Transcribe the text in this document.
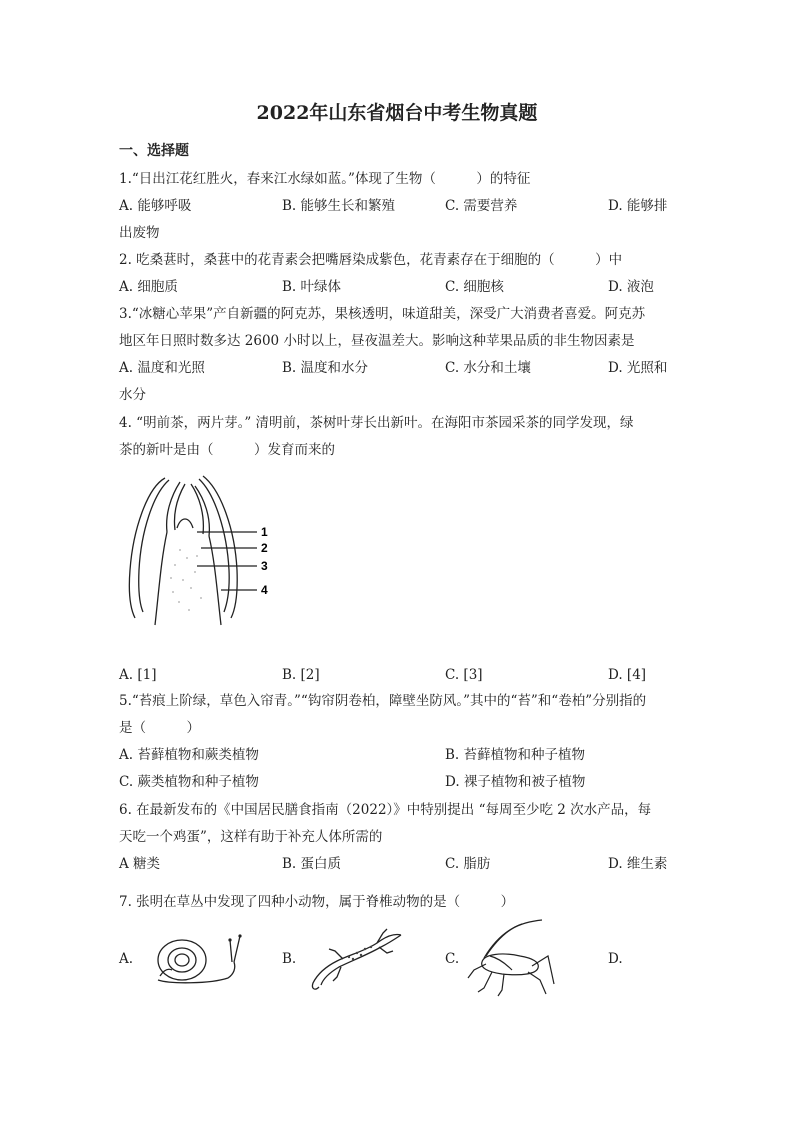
2022年山东省烟台中考生物真题
一、选择题
1.“日出江花红胜火，春来江水绿如蓝。”体现了生物（　　　）的特征
A. 能够呼吸	B. 能够生长和繁殖	C. 需要营养	D. 能够排
出废物
2. 吃桑葚时，桑葚中的花青素会把嘴唇染成紫色，花青素存在于细胞的（　　　）中
A. 细胞质	B. 叶绿体	C. 细胞核	D. 液泡
3.“冰糖心苹果”产自新疆的阿克苏，果核透明，味道甜美，深受广大消费者喜爱。阿克苏
地区年日照时数多达 2600 小时以上，昼夜温差大。影响这种苹果品质的非生物因素是
A. 温度和光照	B. 温度和水分	C. 水分和土壤	D. 光照和
水分
4. “明前茶，两片芽。” 清明前，茶树叶芽长出新叶。在海阳市茶园采茶的同学发现，绿
茶的新叶是由（　　　）发育而来的
1
2
3
4
A. [1]	B. [2]	C. [3]	D. [4]
5.“苔痕上阶绿，草色入帘青。”“钩帘阴卷柏，障壁坐防风。”其中的“苔”和“卷柏”分别指的
是（　　　）
A. 苔藓植物和蕨类植物	B. 苔藓植物和种子植物
C. 蕨类植物和种子植物	D. 裸子植物和被子植物
6. 在最新发布的《中国居民膳食指南（2022）》中特别提出 “每周至少吃 2 次水产品，每
天吃一个鸡蛋”，这样有助于补充人体所需的
A 糖类	B. 蛋白质	C. 脂肪	D. 维生素
7. 张明在草丛中发现了四种小动物，属于脊椎动物的是（　　　）
A.	B.	C.	D.
